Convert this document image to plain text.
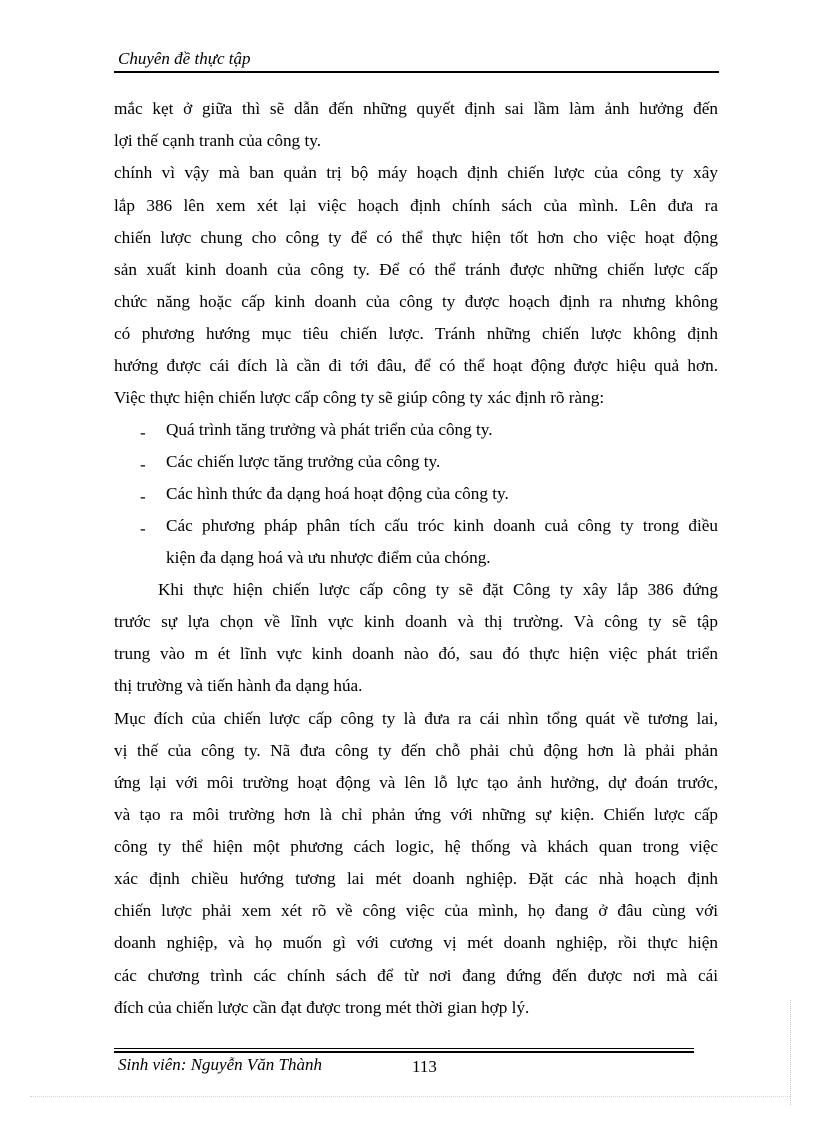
Chuyên đề thực tập
mắc kẹt ở giữa thì sẽ dẫn đến những quyết định sai lầm làm ảnh hưởng đến
lợi thế cạnh tranh của công ty.
chính vì vậy mà ban quản trị bộ máy hoạch định chiến lược của công ty xây
lắp 386 lên xem xét lại việc hoạch định chính sách của mình. Lên đưa ra
chiến lược chung cho công ty để có thể thực hiện tốt hơn cho việc hoạt động
sản xuất kinh doanh của công ty. Để có thể tránh được những chiến lược cấp
chức năng hoặc cấp kinh doanh của công ty được hoạch định ra nhưng không
có phương hướng mục tiêu chiến lược. Tránh những chiến lược không định
hướng được cái đích là cần đi tới đâu, để có thể hoạt động được hiệu quả hơn.
Việc thực hiện chiến lược cấp công ty sẽ giúp công ty xác định rõ ràng:
- Quá trình tăng trưởng và phát triển của công ty.
- Các chiến lược tăng trưởng của công ty.
- Các hình thức đa dạng hoá hoạt động của công ty.
- Các phương pháp phân tích cấu tróc kinh doanh cuả công ty trong điều
kiện đa dạng hoá và ưu nhược điểm của chóng.
Khi thực hiện chiến lược cấp công ty sẽ đặt Công ty xây lắp 386 đứng
trước sự lựa chọn về lĩnh vực kinh doanh và thị trường. Và công ty sẽ tập
trung vào m ét lĩnh vực kinh doanh nào đó, sau đó thực hiện việc phát triển
thị trường và tiến hành đa dạng húa.
Mục đích của chiến lược cấp công ty là đưa ra cái nhìn tổng quát về tương lai,
vị thế của công ty. Nã đưa công ty đến chỗ phải chủ động hơn là phải phản
ứng lại với môi trường hoạt động và lên lỗ lực tạo ảnh hưởng, dự đoán trước,
và tạo ra môi trường hơn là chỉ phản ứng với những sự kiện. Chiến lược cấp
công ty thể hiện một phương cách logic, hệ thống và khách quan trong việc
xác định chiều hướng tương lai mét doanh nghiệp. Đặt các nhà hoạch định
chiến lược phải xem xét rõ về công việc của mình, họ đang ở đâu cùng với
doanh nghiệp, và họ muốn gì với cương vị mét doanh nghiệp, rồi thực hiện
các chương trình các chính sách để từ nơi đang đứng đến được nơi mà cái
đích của chiến lược cần đạt được trong mét thời gian hợp lý.
Sinh viên: Nguyễn Văn Thành	113
